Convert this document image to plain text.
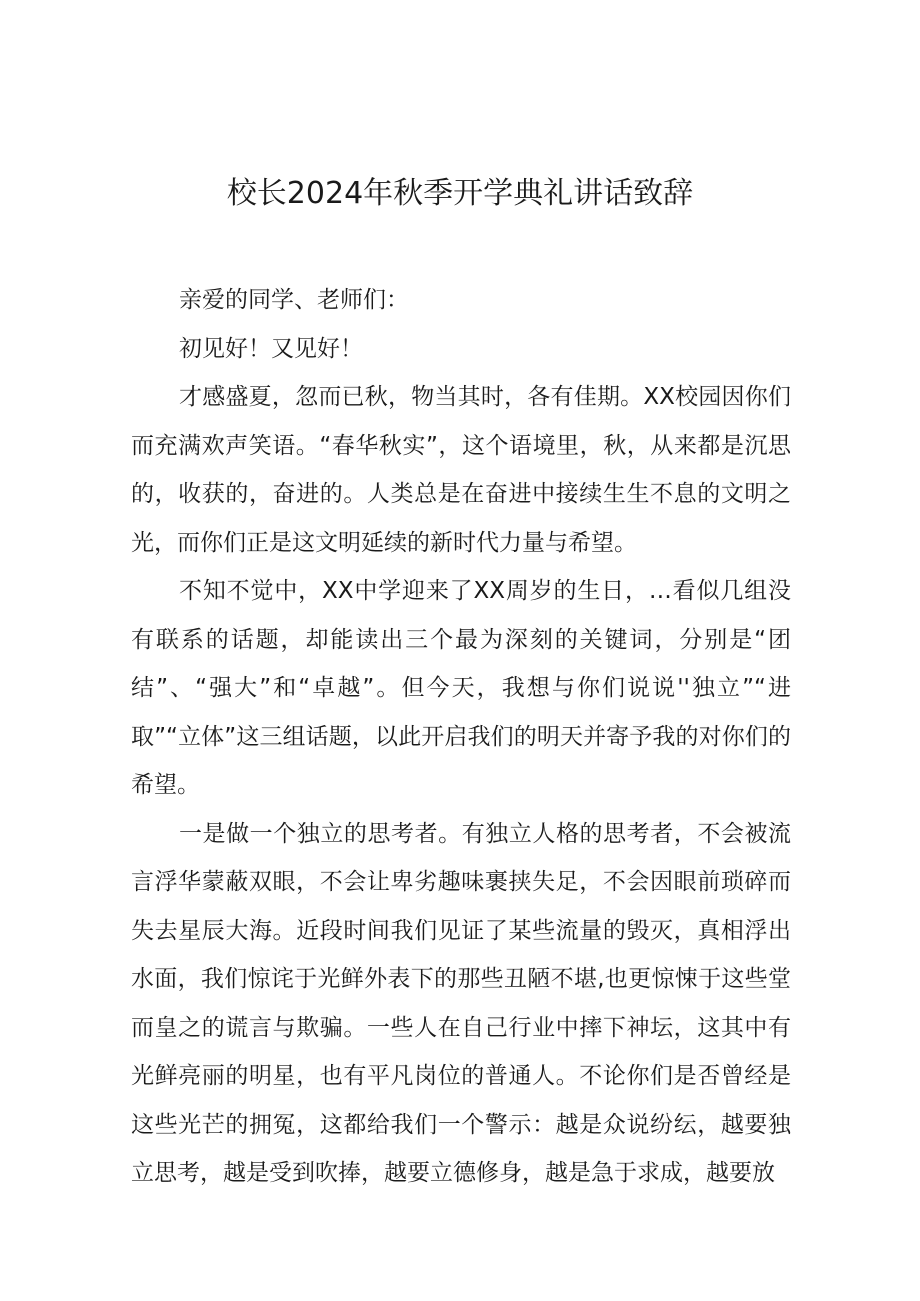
校长2024年秋季开学典礼讲话致辞

亲爱的同学、老师们：

初见好！又见好！

才感盛夏，忽而已秋，物当其时，各有佳期。XX校园因你们而充满欢声笑语。“春华秋实”，这个语境里，秋，从来都是沉思的，收获的，奋进的。人类总是在奋进中接续生生不息的文明之光，而你们正是这文明延续的新时代力量与希望。

不知不觉中，XX中学迎来了XX周岁的生日，…看似几组没有联系的话题，却能读出三个最为深刻的关键词，分别是“团结”、“强大”和“卓越”。但今天，我想与你们说说''独立”“进取”“立体”这三组话题，以此开启我们的明天并寄予我的对你们的希望。

一是做一个独立的思考者。有独立人格的思考者，不会被流言浮华蒙蔽双眼，不会让卑劣趣味裹挟失足，不会因眼前琐碎而失去星辰大海。近段时间我们见证了某些流量的毁灭，真相浮出水面，我们惊诧于光鲜外表下的那些丑陋不堪,也更惊悚于这些堂而皇之的谎言与欺骗。一些人在自己行业中摔下神坛，这其中有光鲜亮丽的明星，也有平凡岗位的普通人。不论你们是否曾经是这些光芒的拥冤，这都给我们一个警示：越是众说纷纭，越要独立思考，越是受到吹捧，越要立德修身，越是急于求成，越要放
